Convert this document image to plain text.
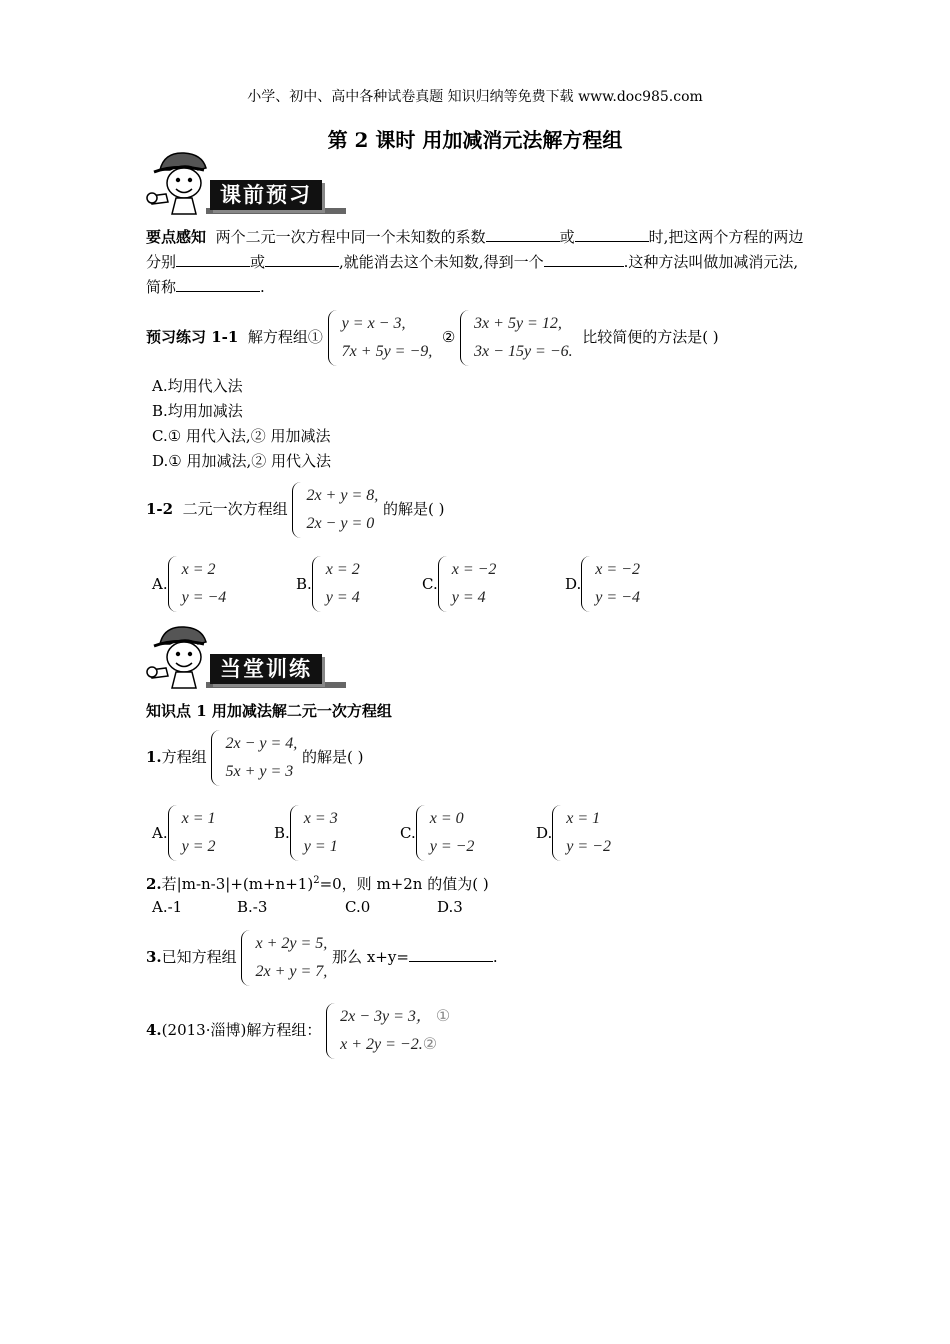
小学、初中、高中各种试卷真题 知识归纳等免费下载 www.doc985.com
第 2 课时 用加减消元法解方程组
课前预习
要点感知 两个二元一次方程中同一个未知数的系数	或	时,把这两个方程的两边分别	或	,就能消去这个未知数,得到一个	.这种方法叫做加减消元法,简称	.
预习练习 1-1 解方程组①
y = x − 3,
7x + 5y = −9,
②
3x + 5y = 12,
3x − 15y = −6.
比较简便的方法是( )
A.均用代入法
B.均用加减法
C.① 用代入法,② 用加减法
D.① 用加减法,② 用代入法
1-2 二元一次方程组
2x + y = 8,
2x − y = 0
的解是( )
A.
x = 2
y = −4
B.
x = 2
y = 4
C.
x = −2
y = 4
D.
x = −2
y = −4
当堂训练
知识点 1 用加减法解二元一次方程组
1.方程组
2x − y = 4,
5x + y = 3
的解是( )
A.
x = 1
y = 2
B.
x = 3
y = 1
C.
x = 0
y = −2
D.
x = 1
y = −2
2.若$|m-n-3|+(m+n+1)^2=0$，则 m+2n 的值为( )
A.-1	B.-3	C.0	D.3
3.已知方程组
x + 2y = 5,
2x + y = 7,
那么 x+y=	.
4.(2013·淄博)解方程组：
2x − 3y = 3， ①
x + 2y = −2.②
